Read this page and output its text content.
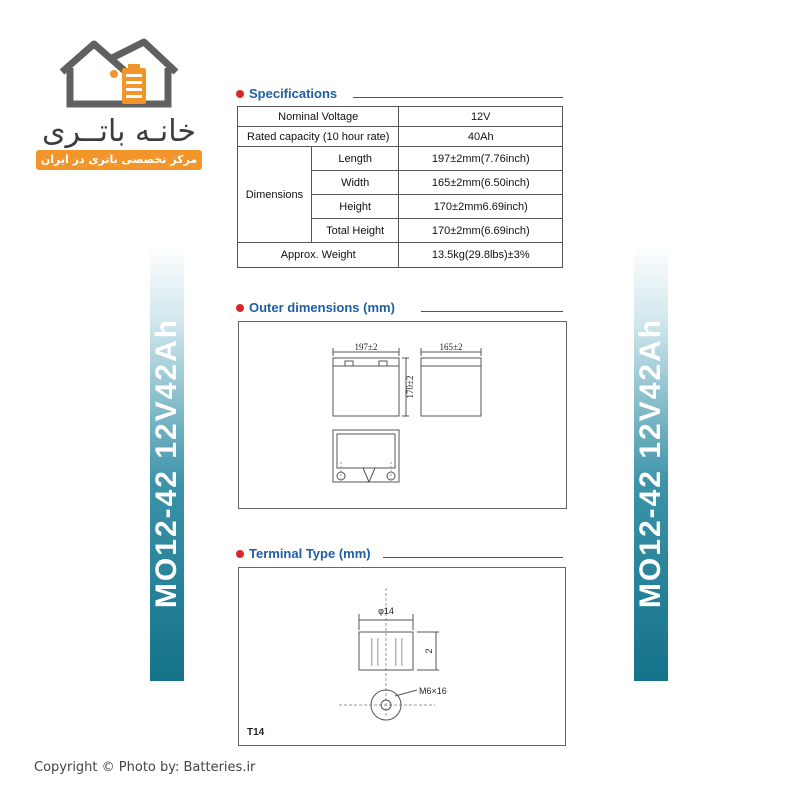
خانـه باتــری
مرکز تخصصی باتری در ایران
MO12-42 12V42Ah	MO12-42 12V42Ah
Specifications
Nominal Voltage		12V
Rated capacity (10 hour rate)		40Ah
Dimensions	Length	197±2mm(7.76inch)
	Width	165±2mm(6.50inch)
	Height	170±2mm6.69inch)
	Total Height	170±2mm(6.69inch)
Approx. Weight		13.5kg(29.8lbs)±3%
Outer dimensions (mm)
197±2	165±2
170±2
Terminal Type (mm)
φ14
2
M6×16
T14
Copyright © Photo by: Batteries.ir
